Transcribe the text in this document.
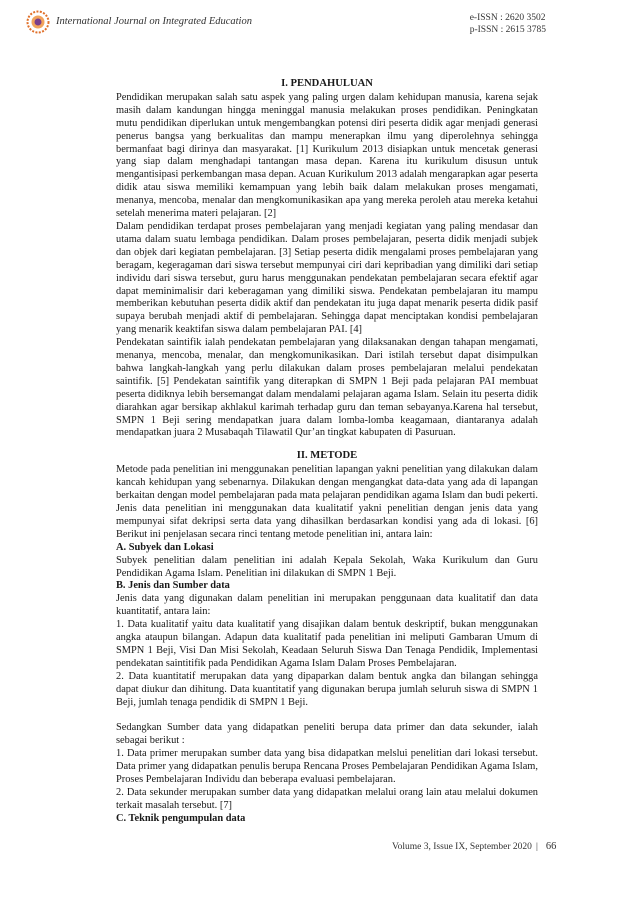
International Journal on Integrated Education	e-ISSN : 2620 3502
p-ISSN : 2615 3785
I. PENDAHULUAN

Pendidikan merupakan salah satu aspek yang paling urgen dalam kehidupan manusia, karena sejak masih dalam kandungan hingga meninggal manusia melakukan proses pendidikan. Peningkatan mutu pendidikan diperlukan untuk mengembangkan potensi diri peserta didik agar menjadi generasi penerus bangsa yang berkualitas dan mampu menerapkan ilmu yang diperolehnya sehingga bermanfaat bagi dirinya dan masyarakat. [1] Kurikulum 2013 disiapkan untuk mencetak generasi yang siap dalam menghadapi tantangan masa depan. Karena itu kurikulum disusun untuk mengantisipasi perkembangan masa depan. Acuan Kurikulum 2013 adalah mengarapkan agar peserta didik atau siswa memiliki kemampuan yang lebih baik dalam melakukan proses mengamati, menanya, mencoba, menalar dan mengkomunikasikan apa yang mereka peroleh atau mereka ketahui setelah menerima materi pelajaran. [2]

Dalam pendidikan terdapat proses pembelajaran yang menjadi kegiatan yang paling mendasar dan utama dalam suatu lembaga pendidikan. Dalam proses pembelajaran, peserta didik menjadi subjek dan objek dari kegiatan pembelajaran. [3] Setiap peserta didik mengalami proses pembelajaran yang beragam, kegeragaman dari siswa tersebut mempunyai ciri dari kepribadian yang dimiliki dari setiap individu dari siswa tersebut, guru harus menggunakan pendekatan pembelajaran secara efektif agar dapat meminimalisir dari keberagaman yang dimiliki siswa. Pendekatan pembelajaran itu mampu memberikan kebutuhan peserta didik aktif dan pendekatan itu juga dapat menarik peserta didik pasif supaya berubah menjadi aktif di pembelajaran. Sehingga dapat menciptakan kondisi pembelajaran yang menarik keaktifan siswa dalam pembelajaran PAI. [4]

Pendekatan saintifik ialah pendekatan pembelajaran yang dilaksanakan dengan tahapan mengamati, menanya, mencoba, menalar, dan mengkomunikasikan. Dari istilah tersebut dapat disimpulkan bahwa langkah-langkah yang perlu dilakukan dalam proses pembelajaran melalui pendekatan saintifik. [5] Pendekatan saintifik yang diterapkan di SMPN 1 Beji pada pelajaran PAI membuat peserta didiknya lebih bersemangat dalam mendalami pelajaran agama Islam. Selain itu peserta didik diarahkan agar bersikap akhlakul karimah terhadap guru dan teman sebayanya.Karena hal tersebut, SMPN 1 Beji sering mendapatkan juara dalam lomba-lomba keagamaan, diantaranya adalah mendapatkan juara 2 Musabaqah Tilawatil Qur’an tingkat kabupaten di Pasuruan.

II. METODE

Metode pada penelitian ini menggunakan penelitian lapangan yakni penelitian yang dilakukan dalam kancah kehidupan yang sebenarnya. Dilakukan dengan mengangkat data-data yang ada di lapangan berkaitan dengan model pembelajaran pada mata pelajaran pendidikan agama Islam dan budi pekerti. Jenis data penelitian ini menggunakan data kualitatif yakni penelitian dengan jenis data yang mempunyai sifat dekripsi serta data yang dihasilkan berdasarkan kondisi yang ada di lokasi. [6] Berikut ini penjelasan secara rinci tentang metode penelitian ini, antara lain:

A. Subyek dan Lokasi

Subyek penelitian dalam penelitian ini adalah Kepala Sekolah, Waka Kurikulum dan Guru Pendidikan Agama Islam. Penelitian ini dilakukan di SMPN 1 Beji.

B. Jenis dan Sumber data

Jenis data yang digunakan dalam penelitian ini merupakan penggunaan data kualitatif dan data kuantitatif, antara lain:

1. Data kualitatif yaitu data kualitatif yang disajikan dalam bentuk deskriptif, bukan menggunakan angka ataupun bilangan. Adapun data kualitatif pada penelitian ini meliputi Gambaran Umum di SMPN 1 Beji, Visi Dan Misi Sekolah, Keadaan Seluruh Siswa Dan Tenaga Pendidik, Implementasi pendekatan saintitifik pada Pendidikan Agama Islam Dalam Proses Pembelajaran.

2. Data kuantitatif merupakan data yang dipaparkan dalam bentuk angka dan bilangan sehingga dapat diukur dan dihitung. Data kuantitatif yang digunakan berupa jumlah seluruh siswa di SMPN 1 Beji, jumlah tenaga pendidik di SMPN 1 Beji.

Sedangkan Sumber data yang didapatkan peneliti berupa data primer dan data sekunder, ialah sebagai berikut :

1. Data primer merupakan sumber data yang bisa didapatkan melslui penelitian dari lokasi tersebut. Data primer yang didapatkan penulis berupa Rencana Proses Pembelajaran Pendidikan Agama Islam, Proses Pembelajaran Individu dan beberapa evaluasi pembelajaran.

2. Data sekunder merupakan sumber data yang didapatkan melalui orang lain atau melalui dokumen terkait masalah tersebut. [7]

C. Teknik pengumpulan data
Volume 3, Issue IX, September 2020 | 66
